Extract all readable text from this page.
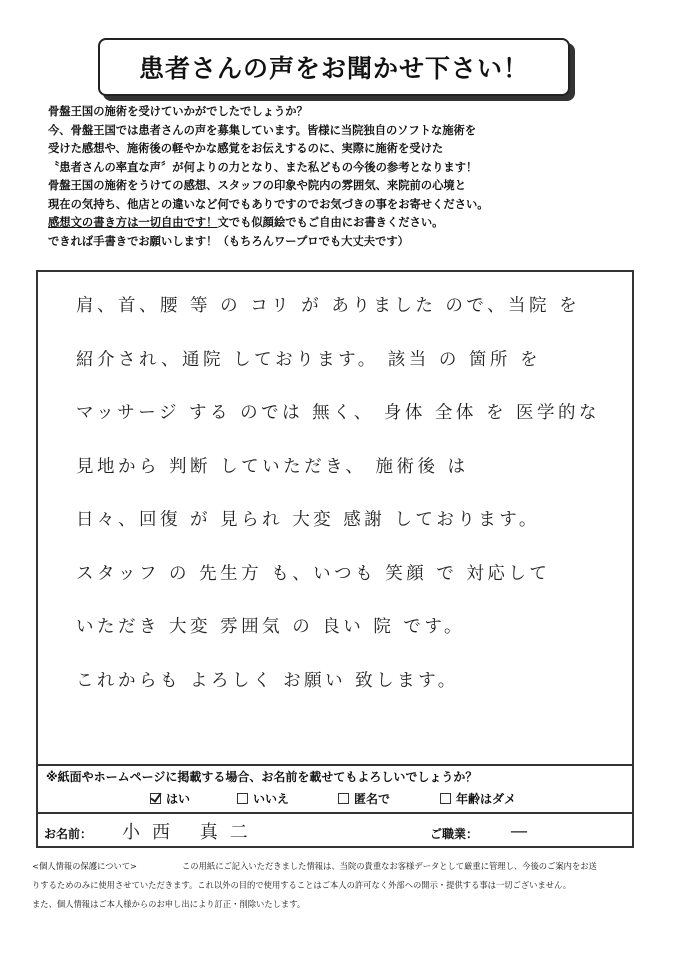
患者さんの声をお聞かせ下さい！
骨盤王国の施術を受けていかがでしたでしょうか？
今、骨盤王国では患者さんの声を募集しています。皆様に当院独自のソフトな施術を
受けた感想や、施術後の軽やかな感覚をお伝えするのに、実際に施術を受けた
〝患者さんの率直な声〞が何よりの力となり、また私どもの今後の参考となります！
骨盤王国の施術をうけての感想、スタッフの印象や院内の雰囲気、来院前の心境と
現在の気持ち、他店との違いなど何でもありですのでお気づきの事をお寄せください。
感想文の書き方は一切自由です！文でも似顔絵でもご自由にお書きください。
できれば手書きでお願いします！（もちろんワープロでも大丈夫です）
肩、首、腰 等 の コリ が ありました ので、当院 を
紹介され、通院 しております。 該当 の 箇所 を
マッサージ する のでは 無く、 身体 全体 を 医学的な
見地から 判断 していただき、 施術後 は
日々、回復 が 見られ 大変 感謝 しております。
スタッフ の 先生方 も、いつも 笑顔 で 対応して
いただき 大変 雰囲気 の 良い 院 です。
これからも よろしく お願い 致します。
※紙面やホームページに掲載する場合、お名前を載せてもよろしいでしょうか？
はい	いいえ	匿名で	年齢はダメ
お名前： 小西 真二	ご職業： —
<個人情報の保護について>	この用紙にご記入いただきました情報は、当院の貴重なお客様データとして厳重に管理し、今後のご案内をお送
りするためのみに使用させていただきます。これ以外の目的で使用することはご本人の許可なく外部への開示・提供する事は一切ございません。
また、個人情報はご本人様からのお申し出により訂正・削除いたします。
